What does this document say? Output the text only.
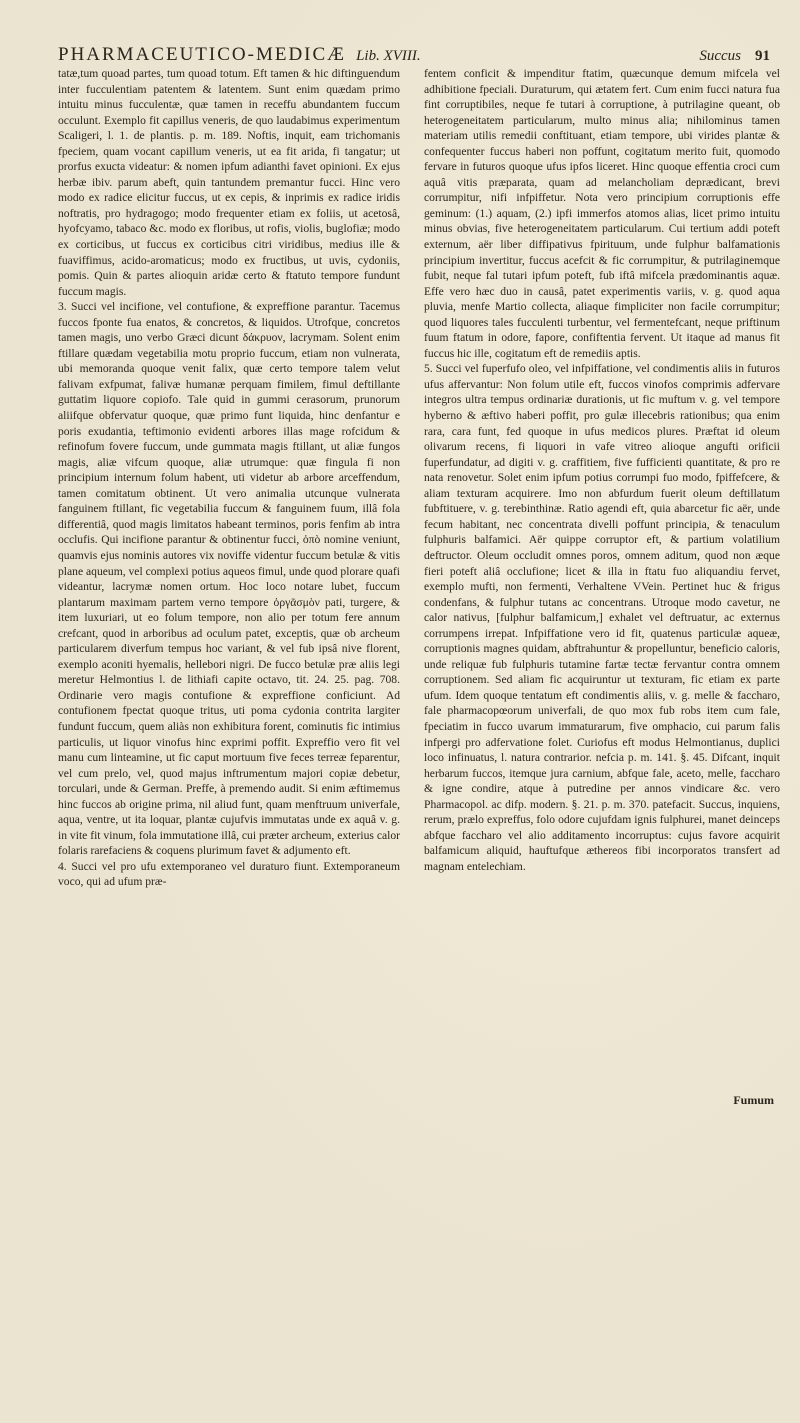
PHARMACEUTICO-MEDICÆ Lib. XVIII.	Succus 91

tatæ,tum quoad partes, tum quoad totum. Eft tamen & hic diftinguendum inter fucculentiam patentem & latentem. Sunt enim quædam primo intuitu minus fucculentæ, quæ tamen in receffu abundantem fuccum occulunt. Exemplo fit capillus veneris, de quo laudabimus experimentum Scaligeri, l. 1. de plantis. p. m. 189. Noftis, inquit, eam trichomanis fpeciem, quam vocant capillum veneris, ut ea fit arida, fi tangatur; ut prorfus exucta videatur: & nomen ipfum adianthi favet opinioni. Ex ejus herbæ ibiv. parum abeft, quin tantundem premantur fucci. Hinc vero modo ex radice elicitur fuccus, ut ex cepis, & inprimis ex radice iridis noftratis, pro hydragogo; modo frequenter etiam ex foliis, ut acetosâ, hyofcyamo, tabaco &c. modo ex floribus, ut rofis, violis, buglofiæ; modo ex corticibus, ut fuccus ex corticibus citri viridibus, medius ille & fuaviffimus, acido-aromaticus; modo ex fructibus, ut uvis, cydoniis, pomis. Quin & partes alioquin aridæ certo & ftatuto tempore fundunt fuccum magis.

3. Succi vel incifione, vel contufione, & expreffione parantur. Tacemus fuccos fponte fua enatos, & concretos, & liquidos. Utrofque, concretos tamen magis, uno verbo Græci dicunt δάκρυον, lacrymam. Solent enim ftillare quædam vegetabilia motu proprio fuccum, etiam non vulnerata, ubi memoranda quoque venit falix, quæ certo tempore talem velut falivam exfpumat, falivæ humanæ perquam fimilem, fimul deftillante guttatim liquore copiofo. Tale quid in gummi cerasorum, prunorum aliifque obfervatur quoque, quæ primo funt liquida, hinc denfantur e poris exudantia, teftimonio evidenti arbores illas mage rofcidum & refinofum fovere fuccum, unde gummata magis ftillant, ut aliæ fungos magis, aliæ vifcum quoque, aliæ utrumque: quæ fingula fi non principium internum folum habent, uti videtur ab arbore arceffendum, tamen comitatum obtinent. Ut vero animalia utcunque vulnerata fanguinem ftillant, fic vegetabilia fuccum & fanguinem fuum, illâ fola differentiâ, quod magis limitatos habeant terminos, poris fenfim ab intra occlufis. Qui incifione parantur & obtinentur fucci, ὀπὸ nomine veniunt, quamvis ejus nominis autores vix noviffe videntur fuccum betulæ & vitis plane aqueum, vel complexi potius aqueos fimul, unde quod plorare quafi videantur, lacrymæ nomen ortum. Hoc loco notare lubet, fuccum plantarum maximam partem verno tempore ὀργᾶσμὸν pati, turgere, & item luxuriari, ut eo folum tempore, non alio per totum fere annum crefcant, quod in arboribus ad oculum patet, exceptis, quæ ob archeum particularem diverfum tempus hoc variant, & vel fub ipsâ nive florent, exemplo aconiti hyemalis, hellebori nigri. De fucco betulæ præ aliis legi meretur Helmontius l. de lithiafi capite octavo, tit. 24. 25. pag. 708. Ordinarie vero magis contufione & expreffione conficiunt. Ad contufionem fpectat quoque tritus, uti poma cydonia contrita largiter fundunt fuccum, quem aliàs non exhibitura forent, cominutis fic intimius particulis, ut liquor vinofus hinc exprimi poffit. Expreffio vero fit vel manu cum linteamine, ut fic caput mortuum five feces terreæ feparentur, vel cum prelo, vel, quod majus inftrumentum majori copiæ debetur, torculari, unde & German. Preffe, à premendo audit. Si enim æftimemus hinc fuccos ab origine prima, nil aliud funt, quam menftruum univerfale, aqua, ventre, ut ita loquar, plantæ cujufvis immutatas unde ex aquâ v. g. in vite fit vinum, fola immutatione illâ, cui præter archeum, exterius calor folaris rarefaciens & coquens plurimum favet & adjumento eft.

4. Succi vel pro ufu extemporaneo vel duraturo fiunt. Extemporaneum voco, qui ad ufum præ-

fentem conficit & impenditur ftatim, quæcunque demum mifcela vel adhibitione fpeciali. Duraturum, qui ætatem fert. Cum enim fucci natura fua fint corruptibiles, neque fe tutari à corruptione, à putrilagine queant, ob heterogeneitatem particularum, multo minus alia; nihilominus tamen materiam utilis remedii conftituant, etiam tempore, ubi virides plantæ & confequenter fuccus haberi non poffunt, cogitatum merito fuit, quomodo fervare in futuros quoque ufus ipfos liceret. Hinc quoque effentia croci cum aquâ vitis præparata, quam ad melancholiam deprædicant, brevi corrumpitur, nifi infpiffetur. Nota vero principium corruptionis effe geminum: (1.) aquam, (2.) ipfi immerfos atomos alias, licet primo intuitu minus obvias, five heterogeneitatem particularum. Cui tertium addi poteft externum, aër liber diffipativus fpirituum, unde fulphur balfamationis principium invertitur, fuccus acefcit & fic corrumpitur, & putrilaginemque fubit, neque fal tutari ipfum poteft, fub iftâ mifcela prædominantis aquæ. Effe vero hæc duo in causâ, patet experimentis variis, v. g. quod aqua pluvia, menfe Martio collecta, aliaque fimpliciter non facile corrumpitur; quod liquores tales fucculenti turbentur, vel fermentefcant, neque priftinum fuum ftatum in odore, fapore, confiftentia fervent. Ut itaque ad manus fit fuccus hic ille, cogitatum eft de remediis aptis.

5. Succi vel fuperfufo oleo, vel infpiffatione, vel condimentis aliis in futuros ufus affervantur: Non folum utile eft, fuccos vinofos comprimis adfervare integros ultra tempus ordinariæ durationis, ut fic muftum v. g. vel tempore hyberno & æftivo haberi poffit, pro gulæ illecebris rationibus; qua enim rara, cara funt, fed quoque in ufus medicos plures. Præftat id oleum olivarum recens, fi liquori in vafe vitreo alioque angufti orificii fuperfundatur, ad digiti v. g. craffitiem, five fufficienti quantitate, & pro re nata renovetur. Solet enim ipfum potius corrumpi fuo modo, fpiffefcere, & aliam texturam acquirere. Imo non abfurdum fuerit oleum deftillatum fubftituere, v. g. terebinthinæ. Ratio agendi eft, quia abarcetur fic aër, unde fecum habitant, nec concentrata divelli poffunt principia, & tenaculum fulphuris balfamici. Aër quippe corruptor eft, & partium volatilium deftructor. Oleum occludit omnes poros, omnem aditum, quod non æque fieri poteft aliâ occlufione; licet & illa in ftatu fuo aliquandiu fervet, exemplo mufti, non fermenti, Verhaltene VVein. Pertinet huc & frigus condenfans, & fulphur tutans ac concentrans. Utroque modo cavetur, ne calor nativus, [fulphur balfamicum,] exhalet vel deftruatur, ac externus corrumpens irrepat. Infpiffatione vero id fit, quatenus particulæ aqueæ, corruptionis magnes quidam, abftrahuntur & propelluntur, beneficio caloris, unde reliquæ fub fulphuris tutamine fartæ tectæ fervantur contra omnem corruptionem. Sed aliam fic acquiruntur ut texturam, fic etiam ex parte ufum. Idem quoque tentatum eft condimentis aliis, v. g. melle & faccharo, fale pharmacopœorum univerfali, de quo mox fub robs item cum fale, fpeciatim in fucco uvarum immaturarum, five omphacio, cui parum falis infpergi pro adfervatione folet. Curiofus eft modus Helmontianus, duplici loco infinuatus, l. natura contrarior. nefcia p. m. 141. §. 45. Difcant, inquit herbarum fuccos, itemque jura carnium, abfque fale, aceto, melle, faccharo & igne condire, atque à putredine per annos vindicare &c. vero Pharmacopol. ac difp. modern. §. 21. p. m. 370. patefacit. Succus, inquiens, rerum, prælo expreffus, folo odore cujufdam ignis fulphurei, manet deinceps abfque faccharo vel alio additamento incorruptus: cujus favore acquirit balfamicum aliquid, hauftufque æthereos fibi incorporatos transfert ad magnam entelechiam.

Fumum
